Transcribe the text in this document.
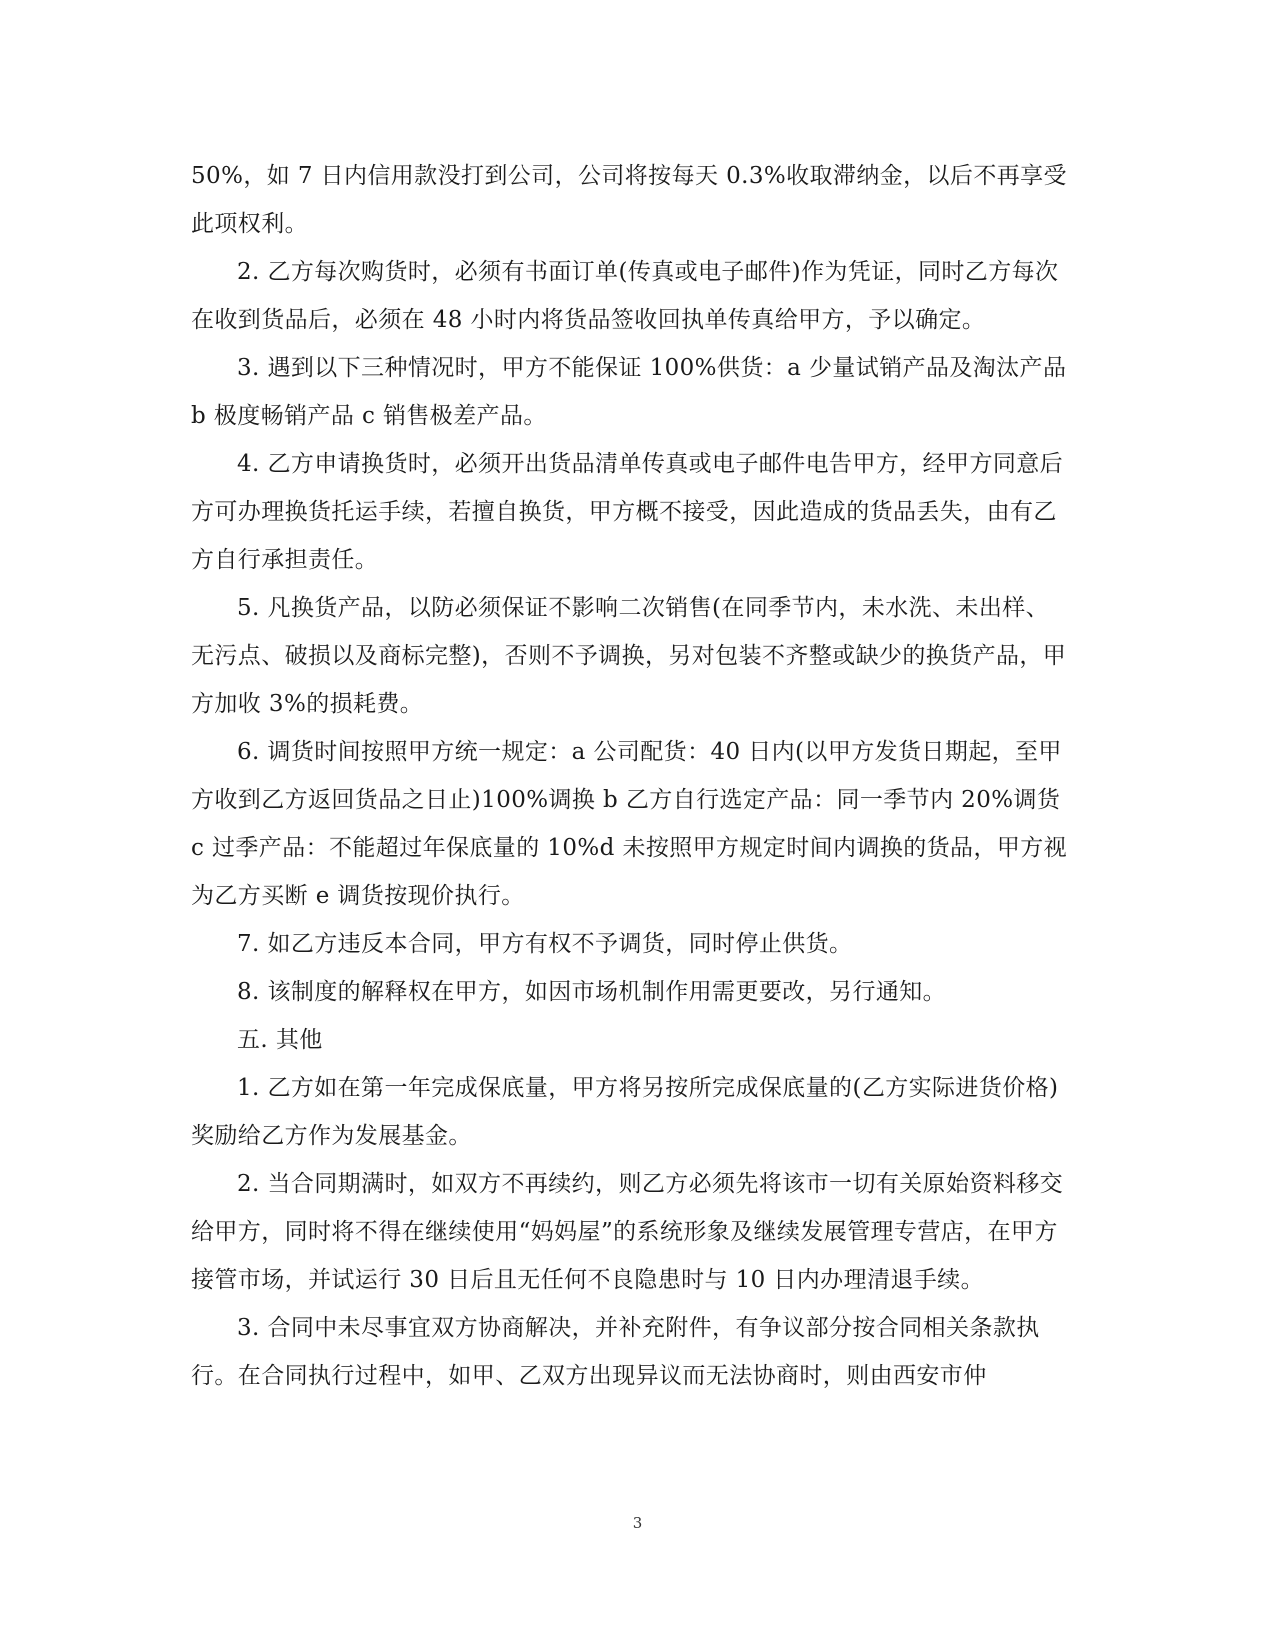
50%，如 7 日内信用款没打到公司，公司将按每天 0.3%收取滞纳金，以后不再享受此项权利。

2. 乙方每次购货时，必须有书面订单(传真或电子邮件)作为凭证，同时乙方每次在收到货品后，必须在 48 小时内将货品签收回执单传真给甲方，予以确定。

3. 遇到以下三种情况时，甲方不能保证 100%供货：a 少量试销产品及淘汰产品 b 极度畅销产品 c 销售极差产品。

4. 乙方申请换货时，必须开出货品清单传真或电子邮件电告甲方，经甲方同意后方可办理换货托运手续，若擅自换货，甲方概不接受，因此造成的货品丢失，由有乙方自行承担责任。

5. 凡换货产品，以防必须保证不影响二次销售(在同季节内，未水洗、未出样、无污点、破损以及商标完整)，否则不予调换，另对包装不齐整或缺少的换货产品，甲方加收 3%的损耗费。

6. 调货时间按照甲方统一规定：a 公司配货：40 日内(以甲方发货日期起，至甲方收到乙方返回货品之日止)100%调换 b 乙方自行选定产品：同一季节内 20%调货 c 过季产品：不能超过年保底量的 10%d 未按照甲方规定时间内调换的货品，甲方视为乙方买断 e 调货按现价执行。

7. 如乙方违反本合同，甲方有权不予调货，同时停止供货。

8. 该制度的解释权在甲方，如因市场机制作用需更要改，另行通知。

五. 其他

1. 乙方如在第一年完成保底量，甲方将另按所完成保底量的(乙方实际进货价格)奖励给乙方作为发展基金。

2. 当合同期满时，如双方不再续约，则乙方必须先将该市一切有关原始资料移交给甲方，同时将不得在继续使用“妈妈屋”的系统形象及继续发展管理专营店，在甲方接管市场，并试运行 30 日后且无任何不良隐患时与 10 日内办理清退手续。

3. 合同中未尽事宜双方协商解决，并补充附件，有争议部分按合同相关条款执行。在合同执行过程中，如甲、乙双方出现异议而无法协商时，则由西安市仲

3
